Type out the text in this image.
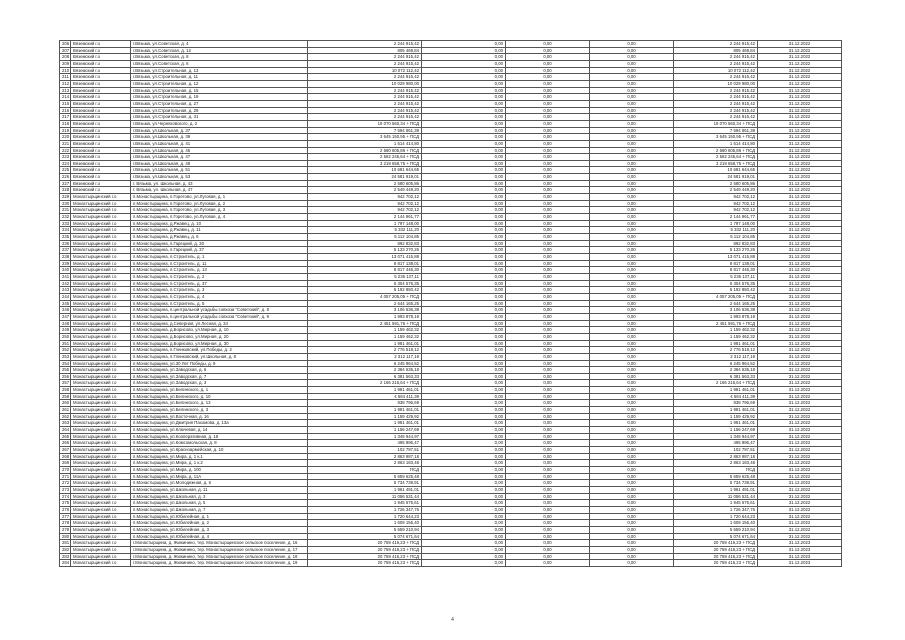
206	Вяземский г.о	г.Вязьма, ул.Советская, д. 4	2 244 915,42	0,00	0,00	0,00	2 244 915,42	31.12.2022
207	Вяземский г.о	г.Вязьма, ул.Советская, д. 12	805 468,84	0,00	0,00	0,00	805 468,84	31.12.2022
208	Вяземский г.о	г.Вязьма, ул.Советская, д. 8	2 244 915,42	0,00	0,00	0,00	2 244 915,42	31.12.2022
209	Вяземский г.о	г.Вязьма, ул.Советская, д. 6	2 244 915,42	0,00	0,00	0,00	2 244 915,42	31.12.2022
210	Вяземский г.о	г.Вязьма, ул.Строительная, д. 13	10 072 112,42	0,00	0,00	0,00	10 072 112,42	31.12.2022
211	Вяземский г.о	г.Вязьма, ул.Строительная, д. 11	2 244 915,42	0,00	0,00	0,00	2 244 915,42	31.12.2022
212	Вяземский г.о	г.Вязьма, ул.Строительная, д. 12	10 029 980,00	0,00	0,00	0,00	10 029 980,00	31.12.2022
213	Вяземский г.о	г.Вязьма, ул.Строительная, д. 15	2 244 915,42	0,00	0,00	0,00	2 244 915,42	31.12.2022
214	Вяземский г.о	г.Вязьма, ул.Строительная, д. 19	2 244 915,42	0,00	0,00	0,00	2 244 915,42	31.12.2022
215	Вяземский г.о	г.Вязьма, ул.Строительная, д. 27	2 244 915,42	0,00	0,00	0,00	2 244 915,42	31.12.2022
216	Вяземский г.о	г.Вязьма, ул.Строительная, д. 29	2 244 915,42	0,00	0,00	0,00	2 244 915,42	31.12.2022
217	Вяземский г.о	г.Вязьма, ул.Строительная, д. 31	2 244 915,42	0,00	0,00	0,00	2 244 915,42	31.12.2022
218	Вяземский г.о	г.Вязьма, ул.Черняховского, д. 2	19 070 560,34 + ПСД	0,00	0,00	0,00	19 070 560,34 + ПСД	31.12.2022
219	Вяземский г.о	г.Вязьма, ул.Школьная, д. 37	7 594 561,39	0,00	0,00	0,00	7 594 561,39	31.12.2022
220	Вяземский г.о	г.Вязьма, ул.Школьная, д. 39	3 645 150,95 + ПСД	0,00	0,00	0,00	3 645 150,95 + ПСД	31.12.2022
221	Вяземский г.о	г.Вязьма, ул.Школьная, д. 41	1 514 414,80	0,00	0,00	0,00	1 514 414,80	31.12.2022
222	Вяземский г.о	г.Вязьма, ул.Школьная, д. 45	2 580 605,86 + ПСД	0,00	0,00	0,00	2 580 605,86 + ПСД	31.12.2022
223	Вяземский г.о	г.Вязьма, ул.Школьная, д. 47	2 562 245,64 + ПСД	0,00	0,00	0,00	2 562 245,64 + ПСД	31.12.2022
224	Вяземский г.о	г.Вязьма, ул.Школьная, д. 49	3 219 658,75 + ПСД	0,00	0,00	0,00	3 219 658,75 + ПСД	31.12.2022
225	Вяземский г.о	г.Вязьма, ул.Школьная, д. 51	10 681 644,65	0,00	0,00	0,00	10 681 644,65	31.12.2022
226	Вяземский г.о	г.Вязьма, ул.Школьная, д. 53	24 581 919,01	0,00	0,00	0,00	24 581 919,01	31.12.2022
227	Вяземский г.о	г. Вязьма, ул. Школьная, д. 43	2 580 605,86	0,00	0,00	0,00	2 580 605,86	31.12.2022
228	Вяземский г.о	г. Вязьма, ул. Школьная, д. 47	2 549 449,20	0,00	0,00	0,00	2 549 449,20	31.12.2022
229	Монастырщинский г.о	п.Монастырщина, п.Горетово, ул.Луговая, д. 1	942 702,12	0,00	0,00	0,00	942 702,12	31.12.2022
230	Монастырщинский г.о	п.Монастырщина, п.Горетово, ул.Луговая, д. 2	942 702,12	0,00	0,00	0,00	942 702,12	31.12.2022
231	Монастырщинский г.о	п.Монастырщина, п.Горетово, ул.Луговая, д. 3	942 702,12	0,00	0,00	0,00	942 702,12	31.12.2022
232	Монастырщинский г.о	п.Монастырщина, п.Горетово, ул.Луговая, д. 4	2 144 961,77	0,00	0,00	0,00	2 144 961,77	31.12.2022
233	Монастырщинский г.о	п.Монастырщина, д.Ржавец, д. 10	1 797 148,00	0,00	0,00	0,00	1 797 148,00	31.12.2022
234	Монастырщинский г.о	п.Монастырщина, д.Ржавец, д. 11	5 332 111,20	0,00	0,00	0,00	5 332 111,20	31.12.2022
235	Монастырщинский г.о	п.Монастырщина, д.Ржавец, д. 6	5 112 104,85	0,00	0,00	0,00	5 112 104,85	31.12.2022
236	Монастырщинский г.о	п.Монастырщина, п.Гарецкий, д. 30	892 832,83	0,00	0,00	0,00	892 832,83	31.12.2022
237	Монастырщинский г.о	п.Монастырщина, п.Гарецкий, д. 37	5 133 270,26	0,00	0,00	0,00	5 133 270,26	31.12.2022
238	Монастырщинский г.о	п.Монастырщина, п.Строитель, д. 1	13 071 415,88	0,00	0,00	0,00	13 071 415,88	31.12.2022
239	Монастырщинский г.о	п.Монастырщина, п.Строитель, д. 11	8 817 138,01	0,00	0,00	0,00	8 817 138,01	31.12.2022
240	Монастырщинский г.о	п.Монастырщина, п.Строитель, д. 13	8 817 446,30	0,00	0,00	0,00	8 817 446,30	31.12.2022
241	Монастырщинский г.о	п.Монастырщина, п.Строитель, д. 2	5 235 137,11	0,00	0,00	0,00	5 235 137,11	31.12.2022
242	Монастырщинский г.о	п.Монастырщина, п.Строитель, д. 37	5 304 576,35	0,00	0,00	0,00	5 304 576,35	31.12.2022
243	Монастырщинский г.о	п.Монастырщина, п.Строитель, д. 3	5 192 850,42	0,00	0,00	0,00	5 192 850,42	31.12.2022
244	Монастырщинский г.о	п.Монастырщина, п.Строитель, д. 4	4 057 205,05 + ПСД	0,00	0,00	0,00	4 057 205,05 + ПСД	31.12.2022
245	Монастырщинский г.о	п.Монастырщина, п.Строитель, д. 5	2 644 165,25	0,00	0,00	0,00	2 644 165,25	31.12.2022
246	Монастырщинский г.о	п.Монастырщина, п.центральной усадьбы совхоза "Советский", д. 8	3 106 636,38	0,00	0,00	0,00	3 106 636,38	31.12.2022
247	Монастырщинский г.о	п.Монастырщина, п.центральной усадьбы совхоза "Советский", д. 9	1 993 878,19	0,00	0,00	0,00	1 993 878,19	31.12.2022
248	Монастырщинский г.о	п.Монастырщина, д.Северная, ул.Лесная, д. 34	2 451 591,76 + ПСД	0,00	0,00	0,00	2 451 591,76 + ПСД	31.12.2022
249	Монастырщинский г.о	п.Монастырщина, д.Борисово, ул.Мирная, д. 10	1 159 462,32	0,00	0,00	0,00	1 159 462,32	31.12.2022
250	Монастырщинский г.о	п.Монастырщина, д.Борисово, ул.Мирная, д. 20	1 159 462,32	0,00	0,00	0,00	1 159 462,32	31.12.2022
251	Монастырщинский г.о	п.Монастырщина, д.Борисово, ул.Мирная, д. 30	1 981 461,01	0,00	0,00	0,00	1 981 461,01	31.12.2022
252	Монастырщинский г.о	п.Монастырщина, п.Глинковский, ул.Победы, д. 2	2 776 518,12	0,00	0,00	0,00	2 776 518,12	31.12.2022
253	Монастырщинский г.о	п.Монастырщина, п.Глинковский, ул.Школьная, д. 8	2 312 117,19	0,00	0,00	0,00	2 312 117,19	31.12.2022
254	Монастырщинский г.о	п.Монастырщина, ул.30 Лет Победы, д. 9	6 245 964,52	0,00	0,00	0,00	6 245 964,52	31.12.2022
255	Монастырщинский г.о	п.Монастырщина, ул.Заводская, д. 6	2 384 635,18	0,00	0,00	0,00	2 384 635,18	31.12.2022
256	Монастырщинский г.о	п.Монастырщина, ул.Заводская, д. 7	6 381 563,33	0,00	0,00	0,00	6 381 563,33	31.12.2022
257	Монастырщинский г.о	п.Монастырщина, ул.Заводская, д. 3	2 166 215,64 + ПСД	0,00	0,00	0,00	2 166 215,64 + ПСД	31.12.2022
258	Монастырщинский г.о	п.Монастырщина, ул.Белинского, д. 1	1 981 461,01	0,00	0,00	0,00	1 981 461,01	31.12.2022
259	Монастырщинский г.о	п.Монастырщина, ул.Белинского, д. 10	4 684 411,39	0,00	0,00	0,00	4 684 411,39	31.12.2022
260	Монастырщинский г.о	п.Монастырщина, ул.Белинского, д. 13	938 796,69	0,00	0,00	0,00	938 796,69	31.12.2022
261	Монастырщинский г.о	п.Монастырщина, ул.Белинского, д. 3	1 981 461,01	0,00	0,00	0,00	1 981 461,01	31.12.2022
262	Монастырщинский г.о	п.Монастырщина, ул.Восточная, д. 16	1 159 429,92	0,00	0,00	0,00	1 159 429,92	31.12.2022
263	Монастырщинский г.о	п.Монастырщина, ул.Дмитрия Пахомова, д. 13а	1 981 461,01	0,00	0,00	0,00	1 981 461,01	31.12.2022
264	Монастырщинский г.о	п.Монастырщина, ул.Ключевая, д. 14	1 156 247,69	0,00	0,00	0,00	1 156 247,69	31.12.2022
265	Монастырщинский г.о	п.Монастырщина, ул.Кооперативная, д. 18	1 348 944,97	0,00	0,00	0,00	1 348 944,97	31.12.2022
266	Монастырщинский г.о	п.Монастырщина, ул.Комсомольская, д. 8	495 896,47	0,00	0,00	0,00	495 896,47	31.12.2022
267	Монастырщинский г.о	п.Монастырщина, ул.Красноармейская, д. 10	102 797,51	0,00	0,00	0,00	102 797,51	31.12.2022
268	Монастырщинский г.о	п.Монастырщина, ул.Мира, д. 1 к.1	2 863 987,18	0,00	0,00	0,00	2 863 987,18	31.12.2022
269	Монастырщинский г.о	п.Монастырщина, ул.Мира, д. 1 к.2	2 863 183,48	0,00	0,00	0,00	2 863 183,48	31.12.2022
270	Монастырщинский г.о	п.Монастырщина, ул.Мира, д. 100	ПСД	0,00	0,00	0,00	ПСД	31.12.2022
271	Монастырщинский г.о	п.Монастырщина, ул.Мира, д. 11А	5 659 625,48	0,00	0,00	0,00	5 659 625,48	31.12.2022
272	Монастырщинский г.о	п.Монастырщина, ул.Молодежная, д. 6	5 734 739,91	0,00	0,00	0,00	5 734 739,91	31.12.2022
273	Монастырщинский г.о	п.Монастырщина, ул.Школьная, д. 11	1 961 491,01	0,00	0,00	0,00	1 961 491,01	31.12.2022
274	Монастырщинский г.о	п.Монастырщина, ул.Школьная, д. 3	11 056 531,44	0,00	0,00	0,00	11 056 531,44	31.12.2022
275	Монастырщинский г.о	п.Монастырщина, ул.Школьная, д. 5	1 945 675,61	0,00	0,00	0,00	1 945 675,61	31.12.2022
276	Монастырщинский г.о	п.Монастырщина, ул.Школьная, д. 7	1 726 347,76	0,00	0,00	0,00	1 726 347,76	31.12.2022
277	Монастырщинский г.о	п.Монастырщина, ул.Юбилейная, д. 1	1 720 644,23	0,00	0,00	0,00	1 720 644,23	31.12.2022
278	Монастырщинский г.о	п.Монастырщина, ул.Юбилейная, д. 2	1 609 156,40	0,00	0,00	0,00	1 609 156,40	31.12.2022
279	Монастырщинский г.о	п.Монастырщина, ул.Юбилейная, д. 3	5 659 210,94	0,00	0,00	0,00	5 659 210,94	31.12.2022
280	Монастырщинский г.о	п.Монастырщина, ул.Юбилейная, д. 4	5 074 671,64	0,00	0,00	0,00	5 074 671,64	31.12.2022
281	Монастырщинский г.о	г.Монастырщина, д. Жижинино, тер. Монастырщинское сельское поселение, д. 16	20 759 416,23 + ПСД	0,00	0,00	0,00	20 759 416,23 + ПСД	31.12.2023
282	Монастырщинский г.о	г.Монастырщина, д. Жижинино, тер. Монастырщинское сельское поселение, д. 17	20 759 416,23 + ПСД	0,00	0,00	0,00	20 759 416,23 + ПСД	31.12.2023
283	Монастырщинский г.о	г.Монастырщина, д. Жижинино, тер. Монастырщинское сельское поселение, д. 18	20 759 416,23 + ПСД	0,00	0,00	0,00	20 759 416,23 + ПСД	31.12.2023
284	Монастырщинский г.о	г.Монастырщина, д. Жижинино, тер. Монастырщинское сельское поселение, д. 19	20 759 416,23 + ПСД	0,00	0,00	0,00	20 759 416,23 + ПСД	31.12.2023
4
